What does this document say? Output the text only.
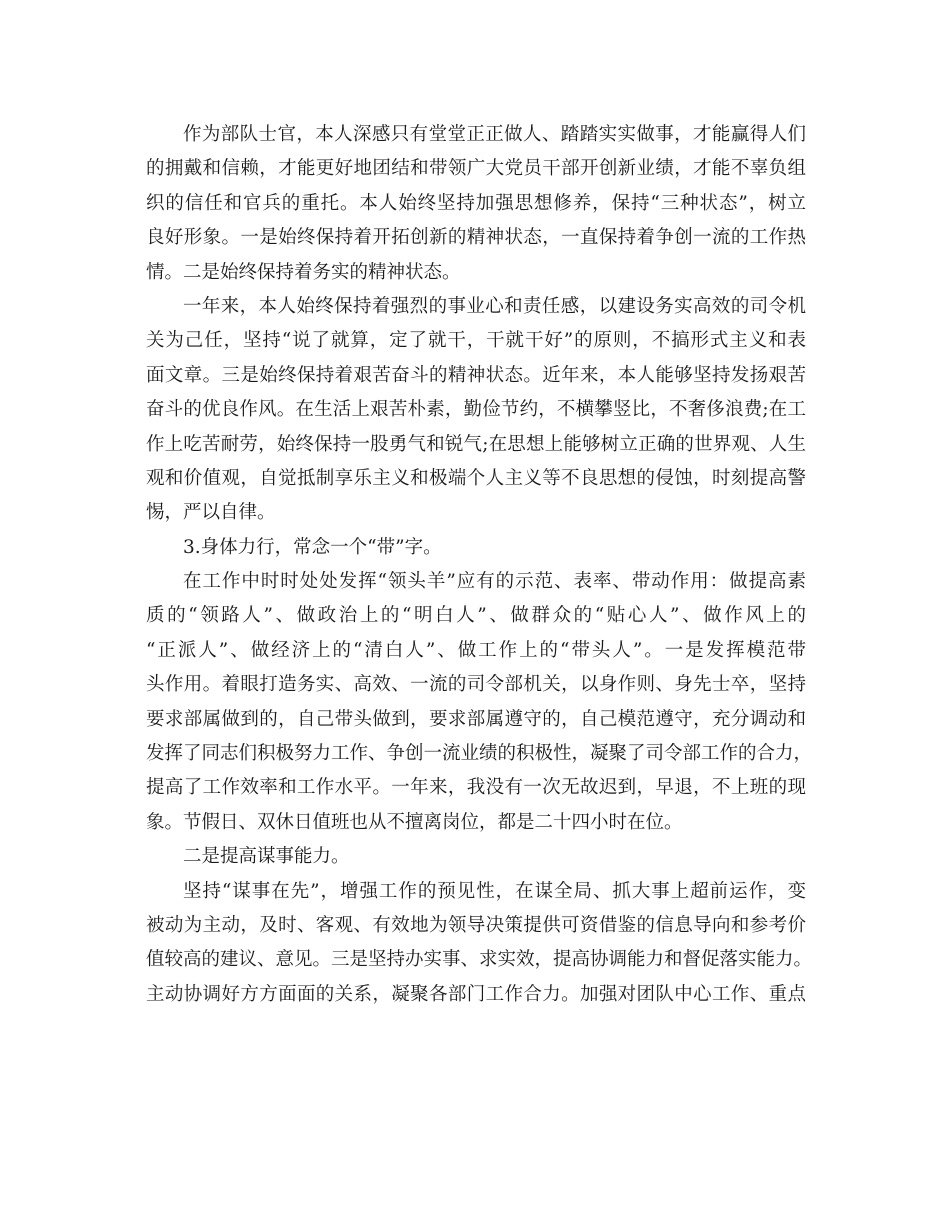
作为部队士官，本人深感只有堂堂正正做人、踏踏实实做事，才能赢得人们
的拥戴和信赖，才能更好地团结和带领广大党员干部开创新业绩，才能不辜负组
织的信任和官兵的重托。本人始终坚持加强思想修养，保持“三种状态”，树立
良好形象。一是始终保持着开拓创新的精神状态，一直保持着争创一流的工作热
情。二是始终保持着务实的精神状态。
一年来，本人始终保持着强烈的事业心和责任感，以建设务实高效的司令机
关为己任，坚持“说了就算，定了就干，干就干好”的原则，不搞形式主义和表
面文章。三是始终保持着艰苦奋斗的精神状态。近年来，本人能够坚持发扬艰苦
奋斗的优良作风。在生活上艰苦朴素，勤俭节约，不横攀竖比，不奢侈浪费;在工
作上吃苦耐劳，始终保持一股勇气和锐气;在思想上能够树立正确的世界观、人生
观和价值观，自觉抵制享乐主义和极端个人主义等不良思想的侵蚀，时刻提高警
惕，严以自律。
3.身体力行，常念一个“带”字。
在工作中时时处处发挥“领头羊”应有的示范、表率、带动作用：做提高素
质的“领路人”、做政治上的“明白人”、做群众的“贴心人”、做作风上的
“正派人”、做经济上的“清白人”、做工作上的“带头人”。一是发挥模范带
头作用。着眼打造务实、高效、一流的司令部机关，以身作则、身先士卒，坚持
要求部属做到的，自己带头做到，要求部属遵守的，自己模范遵守，充分调动和
发挥了同志们积极努力工作、争创一流业绩的积极性，凝聚了司令部工作的合力，
提高了工作效率和工作水平。一年来，我没有一次无故迟到，早退，不上班的现
象。节假日、双休日值班也从不擅离岗位，都是二十四小时在位。
二是提高谋事能力。
坚持“谋事在先”，增强工作的预见性，在谋全局、抓大事上超前运作，变
被动为主动，及时、客观、有效地为领导决策提供可资借鉴的信息导向和参考价
值较高的建议、意见。三是坚持办实事、求实效，提高协调能力和督促落实能力。
主动协调好方方面面的关系，凝聚各部门工作合力。加强对团队中心工作、重点
